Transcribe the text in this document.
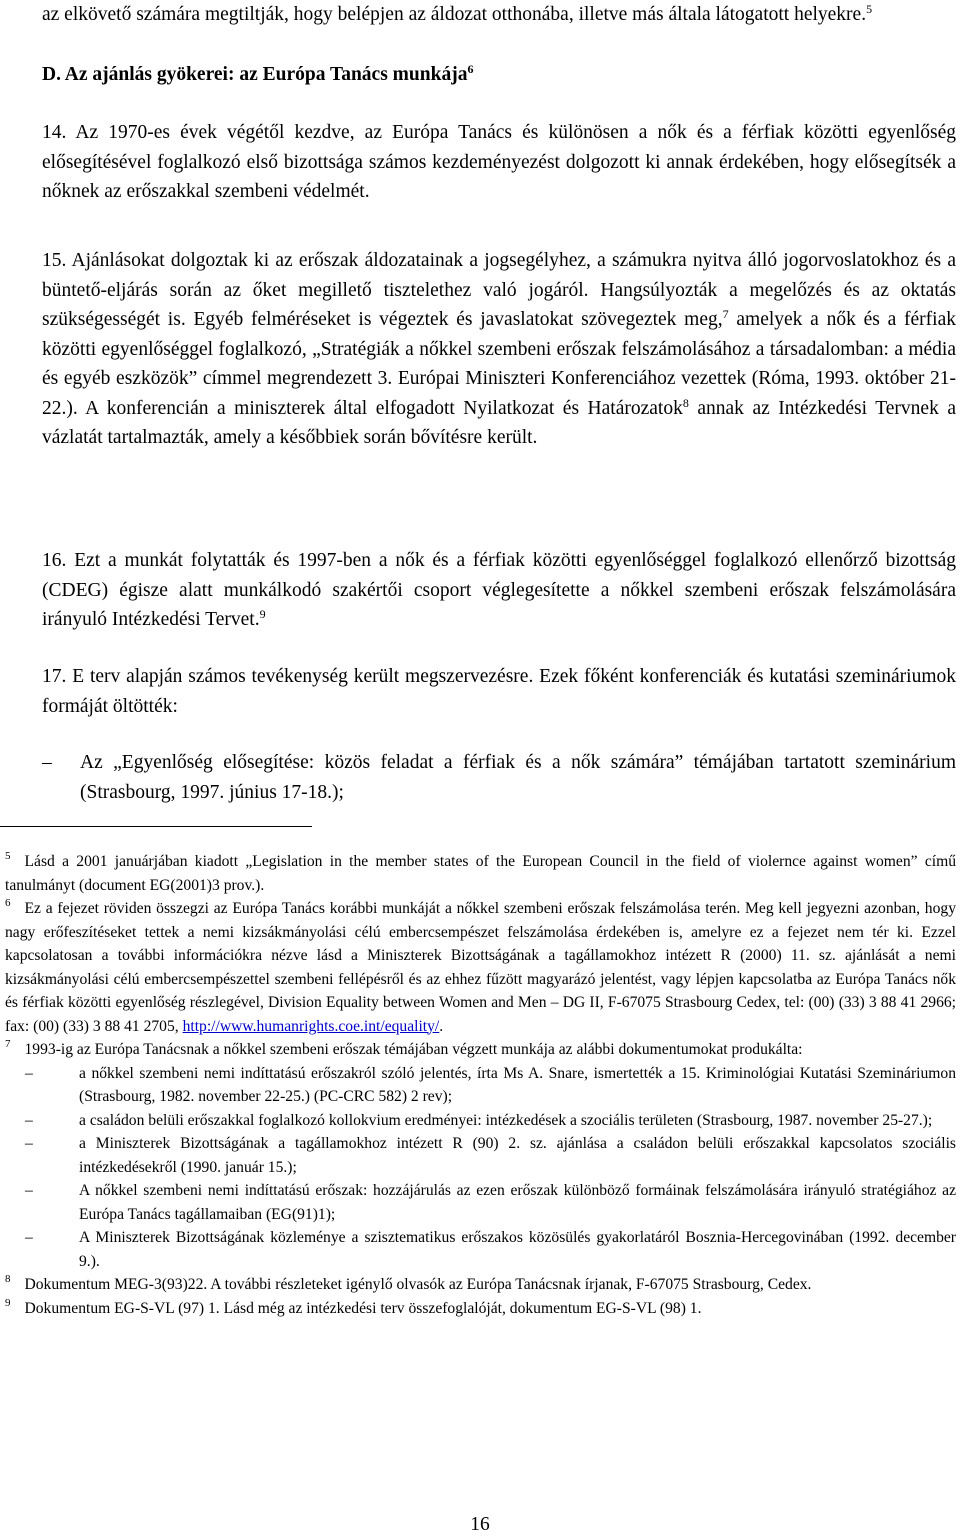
az elkövető számára megtiltják, hogy belépjen az áldozat otthonába, illetve más általa látogatott helyekre.$^5$

D. Az ajánlás gyökerei: az Európa Tanács munkája$^6$

14. Az 1970-es évek végétől kezdve, az Európa Tanács és különösen a nők és a férfiak közötti egyenlőség elősegítésével foglalkozó első bizottsága számos kezdeményezést dolgozott ki annak érdekében, hogy elősegítsék a nőknek az erőszakkal szembeni védelmét.

15. Ajánlásokat dolgoztak ki az erőszak áldozatainak a jogsegélyhez, a számukra nyitva álló jogorvoslatokhoz és a büntető-eljárás során az őket megillető tisztelethez való jogáról. Hangsúlyozták a megelőzés és az oktatás szükségességét is. Egyéb felméréseket is végeztek és javaslatokat szövegeztek meg,$^7$ amelyek a nők és a férfiak közötti egyenlőséggel foglalkozó, „Stratégiák a nőkkel szembeni erőszak felszámolásához a társadalomban: a média és egyéb eszközök” címmel megrendezett 3. Európai Miniszteri Konferenciához vezettek (Róma, 1993. október 21-22.). A konferencián a miniszterek által elfogadott Nyilatkozat és Határozatok$^8$ annak az Intézkedési Tervnek a vázlatát tartalmazták, amely a későbbiek során bővítésre került.

16. Ezt a munkát folytatták és 1997-ben a nők és a férfiak közötti egyenlőséggel foglalkozó ellenőrző bizottság (CDEG) égisze alatt munkálkodó szakértői csoport véglegesítette a nőkkel szembeni erőszak felszámolására irányuló Intézkedési Tervet.$^9$

17. E terv alapján számos tevékenység került megszervezésre. Ezek főként konferenciák és kutatási szemináriumok formáját öltötték:

–	Az „Egyenlőség elősegítése: közös feladat a férfiak és a nők számára” témájában tartatott szeminárium (Strasbourg, 1997. június 17-18.);

$^5$ Lásd a 2001 januárjában kiadott „Legislation in the member states of the European Council in the field of violernce against women” című tanulmányt (document EG(2001)3 prov.).

$^6$ Ez a fejezet röviden összegzi az Európa Tanács korábbi munkáját a nőkkel szembeni erőszak felszámolása terén. Meg kell jegyezni azonban, hogy nagy erőfeszítéseket tettek a nemi kizsákmányolási célú embercsempészet felszámolása érdekében is, amelyre ez a fejezet nem tér ki. Ezzel kapcsolatosan a további információkra nézve lásd a Miniszterek Bizottságának a tagállamokhoz intézett R (2000) 11. sz. ajánlását a nemi kizsákmányolási célú embercsempészettel szembeni fellépésről és az ehhez fűzött magyarázó jelentést, vagy lépjen kapcsolatba az Európa Tanács nők és férfiak közötti egyenlőség részlegével, Division Equality between Women and Men – DG II, F-67075 Strasbourg Cedex, tel: (00) (33) 3 88 41 2966; fax: (00) (33) 3 88 41 2705, http://www.humanrights.coe.int/equality/.

$^7$ 1993-ig az Európa Tanácsnak a nőkkel szembeni erőszak témájában végzett munkája az alábbi dokumentumokat produkálta:

–	a nőkkel szembeni nemi indíttatású erőszakról szóló jelentés, írta Ms A. Snare, ismertették a 15. Kriminológiai Kutatási Szemináriumon (Strasbourg, 1982. november 22-25.) (PC-CRC 582) 2 rev);

–	a családon belüli erőszakkal foglalkozó kollokvium eredményei: intézkedések a szociális területen (Strasbourg, 1987. november 25-27.);

–	a Miniszterek Bizottságának a tagállamokhoz intézett R (90) 2. sz. ajánlása a családon belüli erőszakkal kapcsolatos szociális intézkedésekről (1990. január 15.);

–	A nőkkel szembeni nemi indíttatású erőszak: hozzájárulás az ezen erőszak különböző formáinak felszámolására irányuló stratégiához az Európa Tanács tagállamaiban (EG(91)1);

–	A Miniszterek Bizottságának közleménye a szisztematikus erőszakos közösülés gyakorlatáról Bosznia-Hercegovinában (1992. december 9.).

$^8$ Dokumentum MEG-3(93)22. A további részleteket igénylő olvasók az Európa Tanácsnak írjanak, F-67075 Strasbourg, Cedex.

$^9$ Dokumentum EG-S-VL (97) 1. Lásd még az intézkedési terv összefoglalóját, dokumentum EG-S-VL (98) 1.

16
